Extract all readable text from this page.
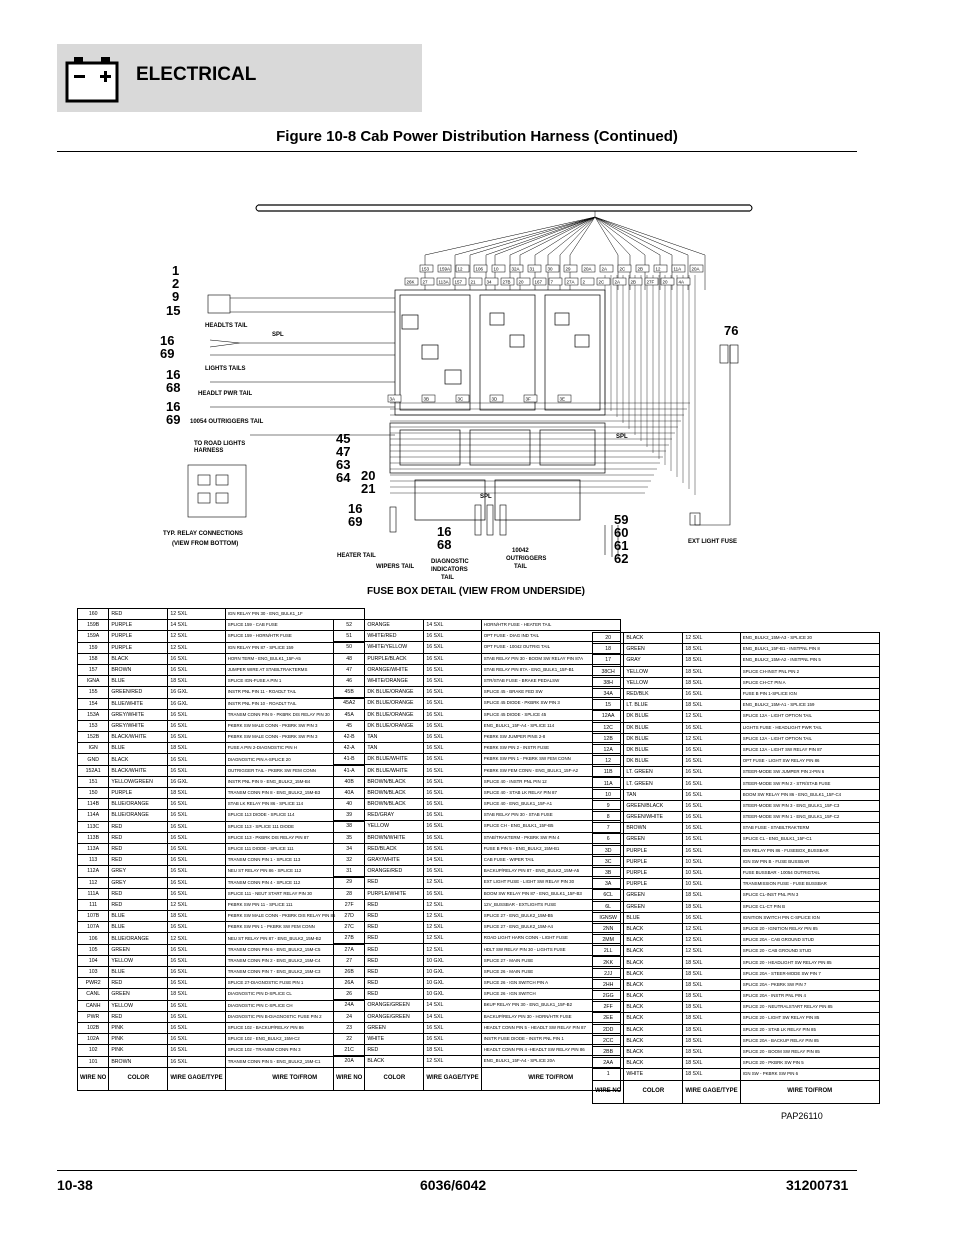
ELECTRICAL
Figure 10-8 Cab Power Distribution Harness (Continued)
153 159A 12	106 10	32A 31	30	29	20A 2A	2C	2B	12	11A 20A
26K 27 113A 157 21 34 27B 20 167 7	27A 2	2C 2A 2B 27F 20 4A
3A	3B	3C	3D	3F	3E
1
2
9
15
16
69
16
68
16
69
76
45
47
63
64 20
21
16
69
16
68
59
60
61
62
HEADLTS TAIL
LIGHTS TAILS
HEADLT PWR TAIL
10054 OUTRIGGERS TAIL
TO ROAD LIGHTS
HARNESS
TYP. RELAY CONNECTIONS
(VIEW FROM BOTTOM)
HEATER TAIL
WIPERS TAIL
DIAGNOSTIC
INDICATORS
TAIL
10042
OUTRIGGERS
TAIL
EXT LIGHT FUSE
SPL
SPL
SPL
FUSE BOX DETAIL (VIEW FROM UNDERSIDE)
160	RED	12 SXL	IGN RELAY PIN 30 - ENG_BULK1_1F
159B	PURPLE	14 SXL	SPLICE 159 - CAB FUSE
159A	PURPLE	12 SXL	SPLICE 159 - HORN/HTR FUSE
159	PURPLE	12 SXL	IGN RELAY PIN 87 - SPLICE 159
158	BLACK	16 SXL	HORN TERM - ENG_BULK1_15F-A5
157	BROWN	16 SXL	JUMPER WIRE AT STABILTRAKTERMS
IGNA	BLUE	18 SXL	SPLICE IGN-FUSE A PIN 1
155	GREEN/RED	16 GXL	INSTR PNL PIN 11 - ROADLT TAIL
154	BLUE/WHITE	16 GXL	INSTR PNL PIN 10 - ROADLT TAIL
153A	GREY/WHITE	16 SXL	TRANSM CONN PIN 9 - PKBRK DIS RELAY PIN 30
153	GREY/WHITE	16 SXL	PKBRK SW MALE CONN - PKBRK SW PIN 3
152B	BLACK/WHITE	16 SXL	PKBRK SW MALE CONN - PKBRK SW PIN 3
IGN	BLUE	18 SXL	FUSE A PIN 2-DIAGNOSTIC PIN H
GND	BLACK	16 SXL	DIAGNOSTIC PIN A-SPLICE 20
152A1	BLACK/WHITE	16 SXL	OUTRIGGER TAIL - PKBRK SW FEM CONN
151	YELLOW/GREEN	16 GXL	INSTR PNL PIN 9 - ENG_BULK2_15M-B4
150	PURPLE	18 SXL	TRANSM CONN PIN 8 - ENG_BULK2_15M-B3
114B	BLUE/ORANGE	16 SXL	STAB LK RELAY PIN 86 - SPLICE 114
114A	BLUE/ORANGE	16 SXL	SPLICE 113 DIODE - SPLICE 114
113C	RED	16 SXL	SPLICE 113 - SPLICE 111 DIODE
113B	RED	16 SXL	SPLICE 113 - PKBRK DIS RELAY PIN 87
113A	RED	16 SXL	SPLICE 111 DIODE - SPLICE 111
113	RED	16 SXL	TRANSM CONN PIN 1 - SPLICE 113
112A	GREY	16 SXL	NEU ST RELAY PIN 86 - SPLICE 112
112	GREY	16 SXL	TRANSM CONN PIN 4 - SPLICE 112
111A	RED	16 SXL	SPLICE 111 - NEUT START RELAY PIN 30
111	RED	12 SXL	PKBRK SW PIN 11 - SPLICE 111
107B	BLUE	18 SXL	PKBRK SW MALE CONN - PKBRK DIS RELAY PIN 86
107A	BLUE	16 SXL	PKBRK SW PIN 1 - PKBRK SW FEM CONN
106	BLUE/ORANGE	12 SXL	NEU ST RELAY PIN 87 - ENG_BULK2_15M-B2
105	GREEN	16 SXL	TRANSM CONN PIN 6 - ENG_BULK2_15M-C5
104	YELLOW	16 SXL	TRANSM CONN PIN 2 - ENG_BULK2_15M-C4
103	BLUE	16 SXL	TRANSM CONN PIN 7 - ENG_BULK2_15M-C3
PWR2	RED	16 SXL	SPLICE 27-DIAGNOSTIC FUSE PIN 1
CANL	GREEN	18 SXL	DIAGNOSTIC PIN D-SPLICE CL
CANH	YELLOW	16 SXL	DIAGNOSTIC PIN C-SPLICE CH
PWR	RED	16 SXL	DIAGNOSTIC PIN B-DIAGNOSTIC FUSE PIN 2
102B	PINK	16 SXL	SPLICE 102 - BACKUP/RELAY PIN 86
102A	PINK	16 SXL	SPLICE 102 - ENG_BULK2_15M-C2
102	PINK	16 SXL	SPLICE 102 - TRANSM CONN PIN 3
101	BROWN	16 SXL	TRANSM CONN PIN 5 - ENG_BULK2_15M-C1
WIRE NO	COLOR	WIRE GAGE/TYPE	WIRE TO/FROM
52	ORANGE	14 SXL	HORN/HTR FUSE - HEATER TAIL
51	WHITE/RED	16 SXL	OPT FUSE - DIAG IND TAIL
50	WHITE/YELLOW	16 SXL	OPT FUSE - 10042 OUTRIG TAIL
48	PURPLE/BLACK	16 SXL	STAB RELAY PIN 30 - BOOM SW RELAY PIN 87A
47	ORANGE/WHITE	16 SXL	STAB RELAY PIN 87A - ENG_BULK1_15F-B1
46	WHITE/ORANGE	16 SXL	STR/STAB FUSE - BRAKE PEDALSW
45B	DK BLUE/ORANGE	16 SXL	SPLICE 45 - BRAKE FED SW
45A2	DK BLUE/ORANGE	16 SXL	SPLICE 45 DIODE - PKBRK SW PIN 3
45A	DK BLUE/ORANGE	16 SXL	SPLICE 45 DIODE - SPLICE 45
45	DK BLUE/ORANGE	16 SXL	ENG_BULK1_15F-A4 - SPLICE 114
42-B	TAN	16 SXL	PKBRK SW JUMPER PINS 2-8
42-A	TAN	16 SXL	PKBRK SW PIN 2 - INSTR FUSE
41-B	DK BLUE/WHITE	16 SXL	PKBRK SW PIN 1 - PKBRK SW FEM CONN
41-A	DK BLUE/WHITE	16 SXL	PKBRK SW FEM CONN - ENG_BULK1_15F-A2
40B	BROWN/BLACK	16 SXL	SPLICE 40 - INSTR PNL PIN 12
40A	BROWN/BLACK	16 SXL	SPLICE 40 - STAB LK RELAY PIN 87
40	BROWN/BLACK	16 SXL	SPLICE 40 - ENG_BULK1_15F-A1
39	RED/GRAY	16 SXL	STAB RELAY PIN 30 - STAB FUSE
38	YELLOW	16 SXL	SPLICE CH - ENG_BULK1_15F-B5
35	BROWN/WHITE	16 SXL	STAB/TRAKTERM - PKBRK SW PIN 4
34	RED/BLACK	16 SXL	FUSE B PIN 5 - ENG_BULK2_15M-B1
32	GRAY/WHITE	14 SXL	CAB FUSE - WIPER TAIL
31	ORANGE/RED	16 SXL	BACKUP/RELAY PIN 87 - ENG_BULK2_15M-A5
29	RED	12 SXL	EXT LIGHT FUSE - LIGHT SW RELAY PIN 30
28	PURPLE/WHITE	16 SXL	BOOM SW RELAY PIN 87 - ENG_BULK1_15F-B3
27F	RED	12 SXL	12V_BUSSBAR - EXTLIGHTS FUSE
27D	RED	12 SXL	SPLICE 27 - ENG_BULK2_15M-B5
27C	RED	12 SXL	SPLICE 27 - ENG_BULK2_15M-A4
27B	RED	12 SXL	ROAD LIGHT HARN CONN - LIGHT FUSE
27A	RED	12 SXL	HDLT SW RELAY PIN 30 - LIGHTS FUSE
27	RED	10 GXL	SPLICE 27 - MAIN FUSE
26B	RED	10 GXL	SPLICE 26 - MAIN FUSE
26A	RED	10 GXL	SPLICE 26 - IGN SWITCH PIN A
26	RED	10 GXL	SPLICE 26 - IGN SWITCH
24A	ORANGE/GREEN	14 SXL	BKUP RELAY PIN 30 - ENG_BULK1_15F-B2
24	ORANGE/GREEN	14 SXL	BACKUP/RELAY PIN 30 - HORN/HTR FUSE
23	GREEN	16 SXL	HEADLT CONN PIN 5 - HEADLT SW RELAY PIN 87
22	WHITE	16 SXL	INSTR FUSE DIODE - INSTR PNL PIN 1
21C	RED	18 SXL	HEADLT CONN PIN 4 -HEADLT SW RELAY PIN 86
20A	BLACK	12 SXL	ENG_BULK1_15F-A4 - SPLICE 20A
WIRE NO	COLOR	WIRE GAGE/TYPE	WIRE TO/FROM
20	BLACK	12 SXL	ENG_BULK2_15M-A3 - SPLICE 20
18	GREEN	18 SXL	ENG_BULK1_15F-B1 - INSTPNL PIN 8
17	GRAY	18 SXL	ENG_BULK2_15M-A2 - INSTPNL PIN 5
38CH	YELLOW	18 SXL	SPLICE CH-INST PNL PIN 2
38H	YELLOW	18 SXL	SPLICE CH-CT PIN A
34A	RED/BLK	16 SXL	FUSE B PIN 1-SPLICE IGN
15	LT. BLUE	18 SXL	ENG_BULK2_15M-A1 - SPLICE 159
12AA	DK BLUE	12 SXL	SPLICE 12A - LIGHT OPTION TAIL
12C	DK BLUE	16 SXL	LIGHTS FUSE - HEADLIGHT PWR TAIL
12B	DK BLUE	12 SXL	SPLICE 12A - LIGHT OPTION TAIL
12A	DK BLUE	16 SXL	SPLICE 12A - LIGHT SW RELAY PIN 87
12	DK BLUE	16 SXL	OPT FUSE - LIGHT SW RELAY PIN 86
11B	LT. GREEN	16 SXL	STEER-MODE SW JUMPER PIN 2-PIN 6
11A	LT. GREEN	16 SXL	STEER-MODE SW PIN 2 - STR/STAB FUSE
10	TAN	16 SXL	BOOM SW RELAY PIN 86 - ENG_BULK1_15F-C4
9	GREEN/BLACK	16 SXL	STEER-MODE SW PIN 3 - ENG_BULK1_15F-C3
8	GREEN/WHITE	16 SXL	STEER-MODE SW PIN 1 - ENG_BULK1_15F-C2
7	BROWN	16 SXL	STAB FUSE - STABILTRAKTERM
6	GREEN	16 SXL	SPLICE CL - ENG_BULK1_15F-C1
3D	PURPLE	16 SXL	IGN RELAY PIN 86 - FUSEBOX_BUSSBAR
3C	PURPLE	10 SXL	IGN SW PIN B - FUSE BUSSBAR
3B	PURPLE	10 SXL	FUSE BUSSBAR - 10054 OUTRIGTAIL
3A	PURPLE	10 SXL	TRANSMISSION FUSE - FUSE BUSSBAR
6CL	GREEN	18 SXL	SPLICE CL-INST PNL PIN 3
6L	GREEN	18 SXL	SPLICE CL-CT PIN B
IGNSW	BLUE	16 SXL	IGNITION SWITCH PIN C-SPLICE IGN
2NN	BLACK	12 SXL	SPLICE 20 - IGNITION RELAY PIN 85
2MM	BLACK	12 SXL	SPLICE 20A - CAB GROUND STUD
2LL	BLACK	12 SXL	SPLICE 20 - CAB GROUND STUD
2KK	BLACK	18 SXL	SPLICE 20 - HEADLIGHT SW RELAY PIN 85
2JJ	BLACK	18 SXL	SPLICE 20A - STEER-MODE SW PIN 7
2HH	BLACK	18 SXL	SPLICE 20A - PKBRK SW PIN 7
2GG	BLACK	18 SXL	SPLICE 20A - INSTR PNL PIN 4
2FF	BLACK	18 SXL	SPLICE 20 - NEUTRALSTART RELAY PIN 85
2EE	BLACK	18 SXL	SPLICE 20 - LIGHT SW RELAY PIN 85
2DD	BLACK	18 SXL	SPLICE 20 - STAB LK RELAY PIN 85
2CC	BLACK	18 SXL	SPLICE 20A - BACKUP RELAY PIN 85
2BB	BLACK	18 SXL	SPLICE 20 - BOOM SW RELAY PIN 85
2AA	BLACK	18 SXL	SPLICE 20 - PKBRK SW PIN 5
1	WHITE	18 SXL	IGN SW - PKBRK SW PIN 6
WIRE NO	COLOR	WIRE GAGE/TYPE	WIRE TO/FROM
PAP26110
10-38	6036/6042	31200731
